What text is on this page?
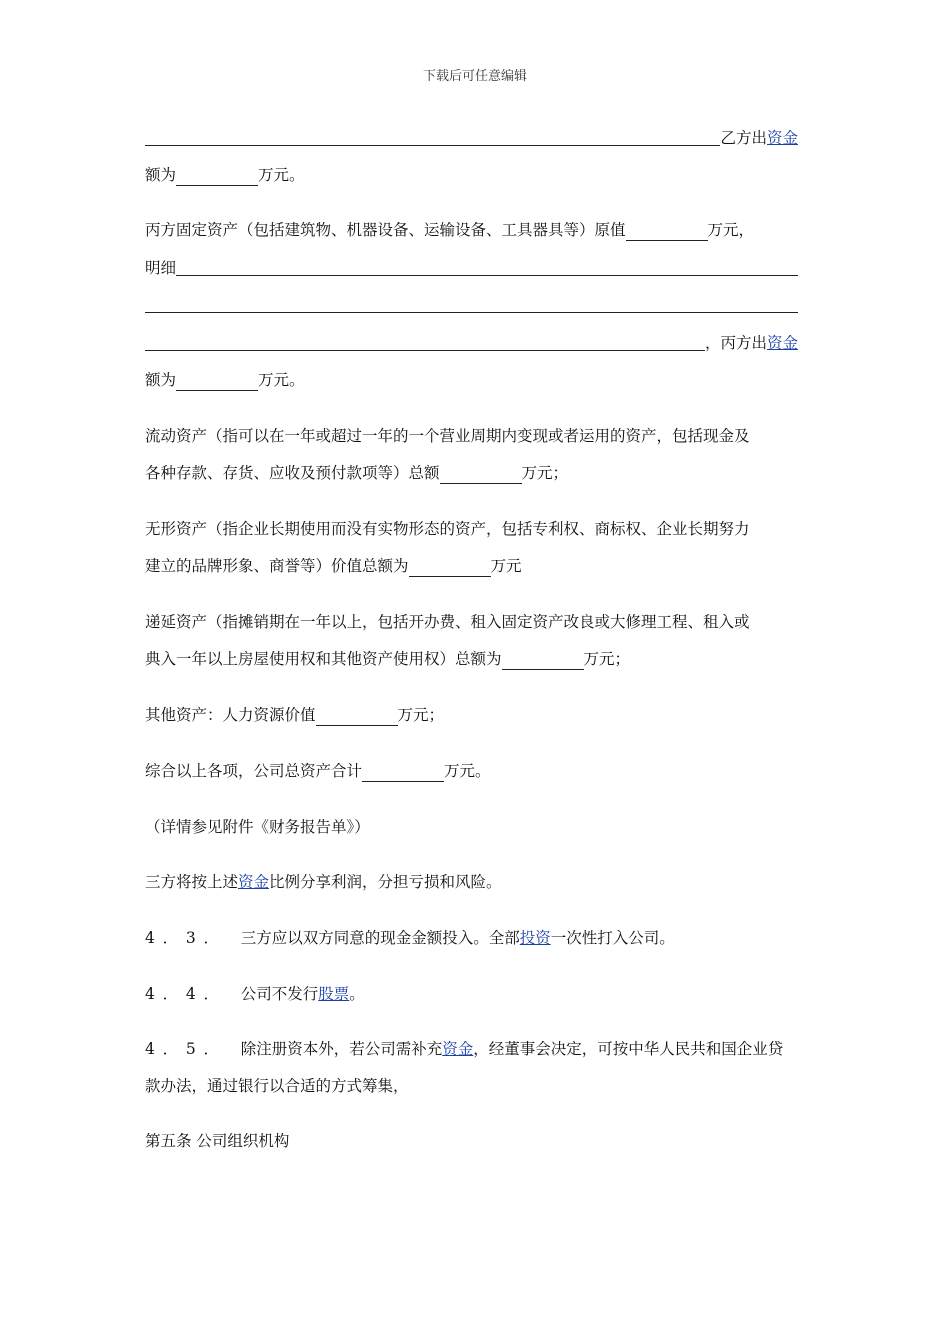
下载后可任意编辑
乙方出 资金
额为	万元。
丙方固定资产（包括建筑物、机器设备、运输设备、工具器具等）原值	万元，
明细
，丙方出 资金
额为	万元。
流动资产（指可以在一年或超过一年的一个营业周期内变现或者运用的资产，包括现金及
各种存款、存货、应收及预付款项等）总额	万元；
无形资产（指企业长期使用而没有实物形态的资产，包括专利权、商标权、企业长期努力
建立的品牌形象、商誉等）价值总额为	万元
递延资产（指摊销期在一年以上，包括开办费、租入固定资产改良或大修理工程、租入或
典入一年以上房屋使用权和其他资产使用权）总额为	万元；
其他资产：人力资源价值	万元；
综合以上各项，公司总资产合计	万元。
（详情参见附件《财务报告单》）
三方将按上述 资金 比例分享利润，分担亏损和风险。
4．3． 三方应以双方同意的现金金额投入。全部 投资 一次性打入公司。
4．4． 公司不发行 股票 。
4．5． 除注册资本外，若公司需补充 资金 ，经董事会决定，可按中华人民共和国企业贷
款办法，通过银行以合适的方式筹集，
第五条 公司组织机构
